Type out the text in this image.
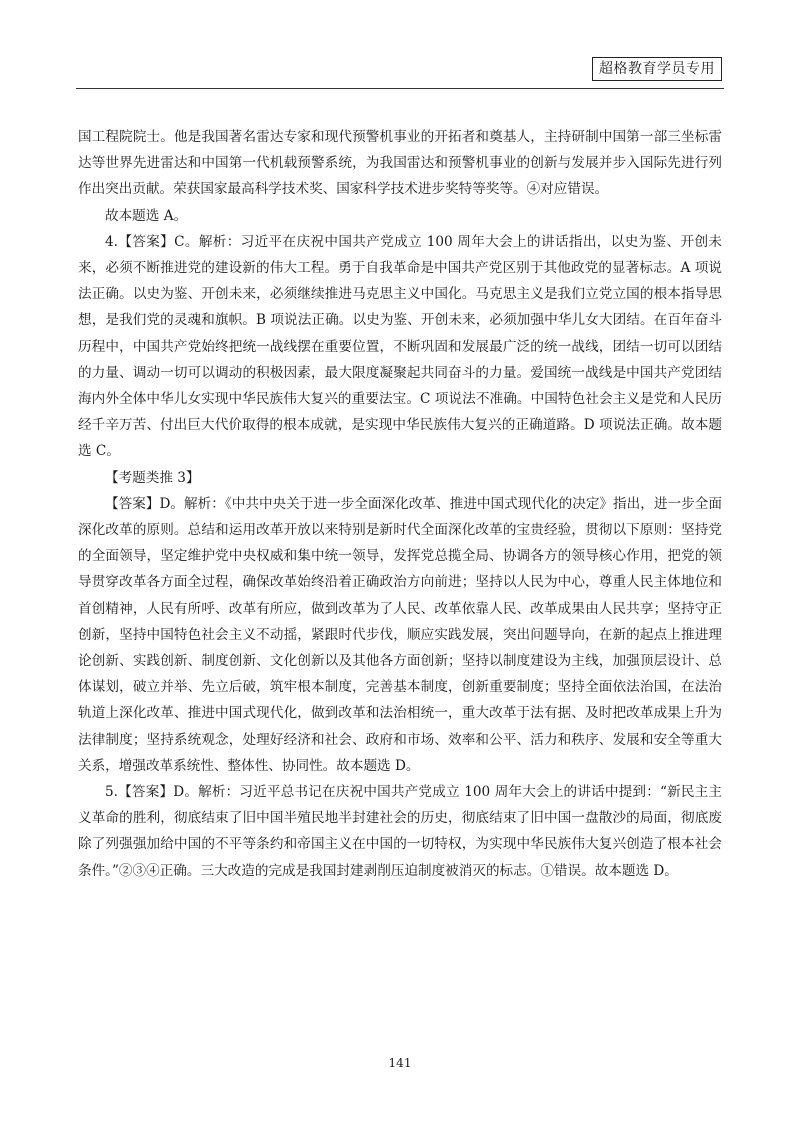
超格教育学员专用

国工程院院士。他是我国著名雷达专家和现代预警机事业的开拓者和奠基人，主持研制中国第一部三坐标雷达等世界先进雷达和中国第一代机载预警系统，为我国雷达和预警机事业的创新与发展并步入国际先进行列作出突出贡献。荣获国家最高科学技术奖、国家科学技术进步奖特等奖等。④对应错误。

故本题选 A。

4.【答案】C。解析：习近平在庆祝中国共产党成立 100 周年大会上的讲话指出，以史为鉴、开创未来，必须不断推进党的建设新的伟大工程。勇于自我革命是中国共产党区别于其他政党的显著标志。A 项说法正确。以史为鉴、开创未来，必须继续推进马克思主义中国化。马克思主义是我们立党立国的根本指导思想，是我们党的灵魂和旗帜。B 项说法正确。以史为鉴、开创未来，必须加强中华儿女大团结。在百年奋斗历程中，中国共产党始终把统一战线摆在重要位置，不断巩固和发展最广泛的统一战线，团结一切可以团结的力量、调动一切可以调动的积极因素，最大限度凝聚起共同奋斗的力量。爱国统一战线是中国共产党团结海内外全体中华儿女实现中华民族伟大复兴的重要法宝。C 项说法不准确。中国特色社会主义是党和人民历经千辛万苦、付出巨大代价取得的根本成就，是实现中华民族伟大复兴的正确道路。D 项说法正确。故本题选 C。

【考题类推 3】

【答案】D。解析：《中共中央关于进一步全面深化改革、推进中国式现代化的决定》指出，进一步全面深化改革的原则。总结和运用改革开放以来特别是新时代全面深化改革的宝贵经验，贯彻以下原则：坚持党的全面领导，坚定维护党中央权威和集中统一领导，发挥党总揽全局、协调各方的领导核心作用，把党的领导贯穿改革各方面全过程，确保改革始终沿着正确政治方向前进；坚持以人民为中心，尊重人民主体地位和首创精神，人民有所呼、改革有所应，做到改革为了人民、改革依靠人民、改革成果由人民共享；坚持守正创新，坚持中国特色社会主义不动摇，紧跟时代步伐，顺应实践发展，突出问题导向，在新的起点上推进理论创新、实践创新、制度创新、文化创新以及其他各方面创新；坚持以制度建设为主线，加强顶层设计、总体谋划，破立并举、先立后破，筑牢根本制度，完善基本制度，创新重要制度；坚持全面依法治国，在法治轨道上深化改革、推进中国式现代化，做到改革和法治相统一，重大改革于法有据、及时把改革成果上升为法律制度；坚持系统观念，处理好经济和社会、政府和市场、效率和公平、活力和秩序、发展和安全等重大关系，增强改革系统性、整体性、协同性。故本题选 D。

5.【答案】D。解析：习近平总书记在庆祝中国共产党成立 100 周年大会上的讲话中提到：“新民主主义革命的胜利，彻底结束了旧中国半殖民地半封建社会的历史，彻底结束了旧中国一盘散沙的局面，彻底废除了列强强加给中国的不平等条约和帝国主义在中国的一切特权，为实现中华民族伟大复兴创造了根本社会条件。”②③④正确。三大改造的完成是我国封建剥削压迫制度被消灭的标志。①错误。故本题选 D。

141
